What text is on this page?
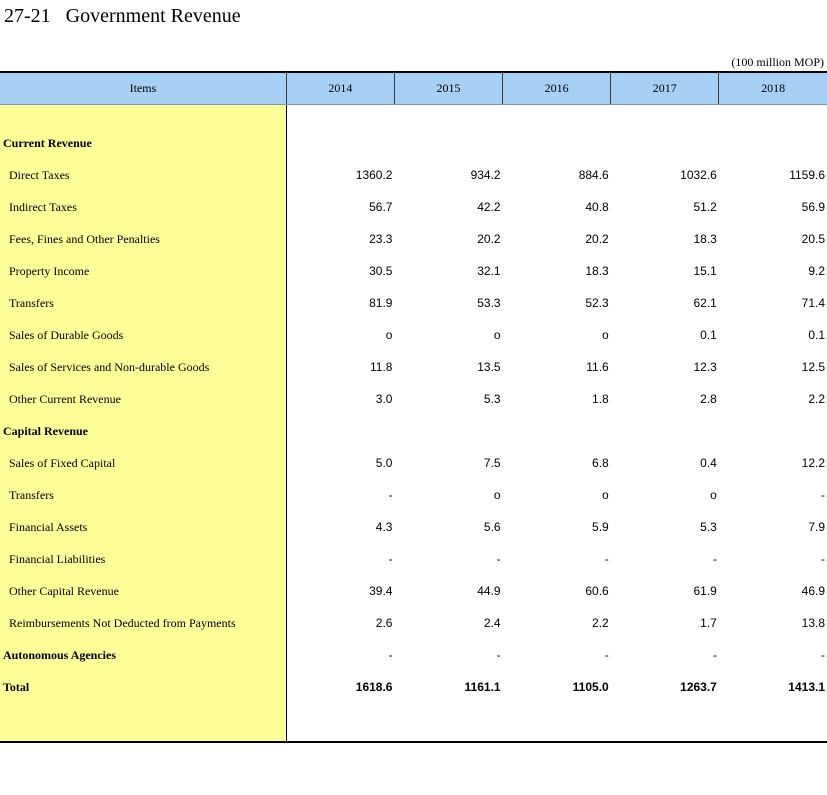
27-21   Government Revenue
(100 million MOP)
Items	2014	2015	2016	2017	2018

Current Revenue					
Direct Taxes	1360.2	934.2	884.6	1032.6	1159.6
Indirect Taxes	56.7	42.2	40.8	51.2	56.9
Fees, Fines and Other Penalties	23.3	20.2	20.2	18.3	20.5
Property Income	30.5	32.1	18.3	15.1	9.2
Transfers	81.9	53.3	52.3	62.1	71.4
Sales of Durable Goods	o	o	o	0.1	0.1
Sales of Services and Non-durable Goods	11.8	13.5	11.6	12.3	12.5
Other Current Revenue	3.0	5.3	1.8	2.8	2.2
Capital Revenue					
Sales of Fixed Capital	5.0	7.5	6.8	0.4	12.2
Transfers	-	o	o	o	-
Financial Assets	4.3	5.6	5.9	5.3	7.9
Financial Liabilities	-	-	-	-	-
Other Capital Revenue	39.4	44.9	60.6	61.9	46.9
Reimbursements Not Deducted from Payments	2.6	2.4	2.2	1.7	13.8
Autonomous Agencies	-	-	-	-	-
Total	1618.6	1161.1	1105.0	1263.7	1413.1
